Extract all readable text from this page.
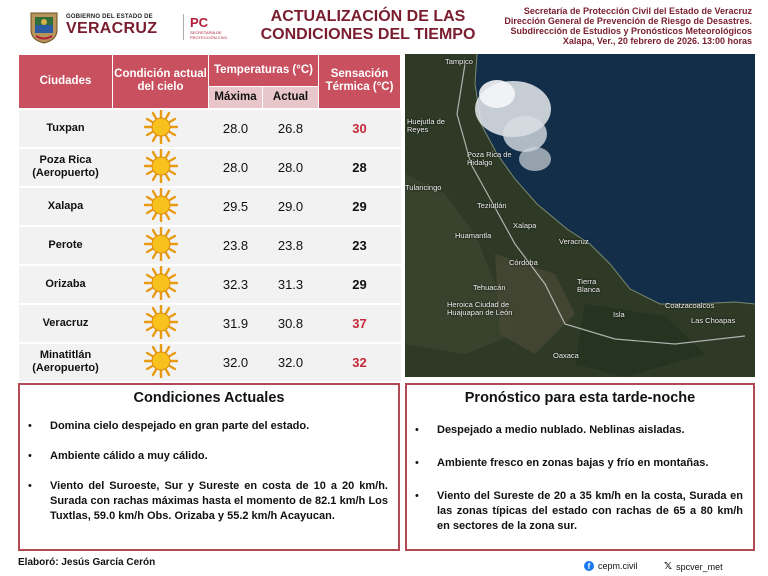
GOBIERNO DEL ESTADO DE
VERACRUZ	PC
SECRETARÍA DE PROTECCIÓN CIVIL
ACTUALIZACIÓN DE LAS
CONDICIONES DEL TIEMPO
Secretaría de Protección Civil del Estado de Veracruz
Dirección General de Prevención de Riesgo de Desastres.
Subdirección de Estudios y Pronósticos Meteorológicos
Xalapa, Ver., 20 febrero de 2026. 13:00 horas
Ciudades	Condición actual del cielo	Temperaturas (°C)		Sensación Térmica (°C)
		Máxima	Actual	

Tuxpan		28.0	26.8	30

Poza Rica
(Aeropuerto)		28.0	28.0	28

Xalapa		29.5	29.0	29

Perote		23.8	23.8	23

Orizaba		32.3	31.3	29

Veracruz		31.9	30.8	37

Minatitlán
(Aeropuerto)		32.0	32.0	32
Tampico
Huejutla de Reyes
Poza Rica de Hidalgo
Tulancingo
Teziutlán
Huamantla
Xalapa
Veracruz
Córdoba
Tehuacán
Tierra Blanca
Heroica Ciudad de Huajuapan de León
Coatzacoalcos
Isla
Las Choapas
Oaxaca
Condiciones Actuales
• Domina cielo despejado en gran parte del estado.
• Ambiente cálido a muy cálido.
• Viento del Suroeste, Sur y Sureste en costa de 10 a 20 km/h. Surada con rachas máximas hasta el momento de 82.1 km/h Los Tuxtlas, 59.0 km/h Obs. Orizaba y 55.2 km/h Acayucan.
Pronóstico para esta tarde-noche
• Despejado a medio nublado. Neblinas aisladas.
• Ambiente fresco en zonas bajas y frío en montañas.
• Viento del Sureste de 20 a 35 km/h en la costa, Surada en las zonas típicas del estado con rachas de 65 a 80 km/h en sectores de la zona sur.
Elaboró: Jesús García Cerón	f cepm.civil	𝕏 spcver_met
